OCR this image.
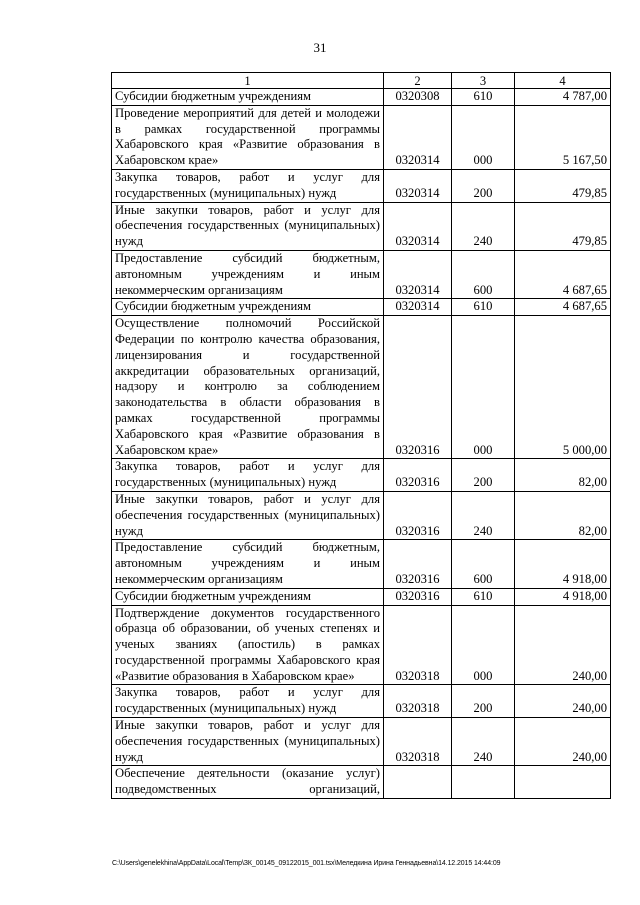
31
1	2	3	4
Субсидии бюджетным учреждениям	0320308	610	4 787,00
Проведение мероприятий для детей и молодежи в рамках государственной программы Хабаровского края «Развитие образования в Хабаровском крае»	0320314	000	5 167,50
Закупка товаров, работ и услуг для государственных (муниципальных) нужд	0320314	200	479,85
Иные закупки товаров, работ и услуг для обеспечения государственных (муниципальных) нужд	0320314	240	479,85
Предоставление субсидий бюджетным, автономным учреждениям и иным некоммерческим организациям	0320314	600	4 687,65
Субсидии бюджетным учреждениям	0320314	610	4 687,65
Осуществление полномочий Российской Федерации по контролю качества образования, лицензирования и государственной аккредитации образовательных организаций, надзору и контролю за соблюдением законодательства в области образования в рамках государственной программы Хабаровского края «Развитие образования в Хабаровском крае»	0320316	000	5 000,00
Закупка товаров, работ и услуг для государственных (муниципальных) нужд	0320316	200	82,00
Иные закупки товаров, работ и услуг для обеспечения государственных (муниципальных) нужд	0320316	240	82,00
Предоставление субсидий бюджетным, автономным учреждениям и иным некоммерческим организациям	0320316	600	4 918,00
Субсидии бюджетным учреждениям	0320316	610	4 918,00
Подтверждение документов государственного образца об образовании, об ученых степенях и ученых званиях (апостиль) в рамках государственной программы Хабаровского края «Развитие образования в Хабаровском крае»	0320318	000	240,00
Закупка товаров, работ и услуг для государственных (муниципальных) нужд	0320318	200	240,00
Иные закупки товаров, работ и услуг для обеспечения государственных (муниципальных) нужд	0320318	240	240,00
Обеспечение деятельности (оказание услуг) подведомственных организаций,			
C:\Users\genelekhina\AppData\Local\Temp\ЗК_00145_09122015_001.tsx\Меледкина Ирина Геннадьевна\14.12.2015 14:44:09
